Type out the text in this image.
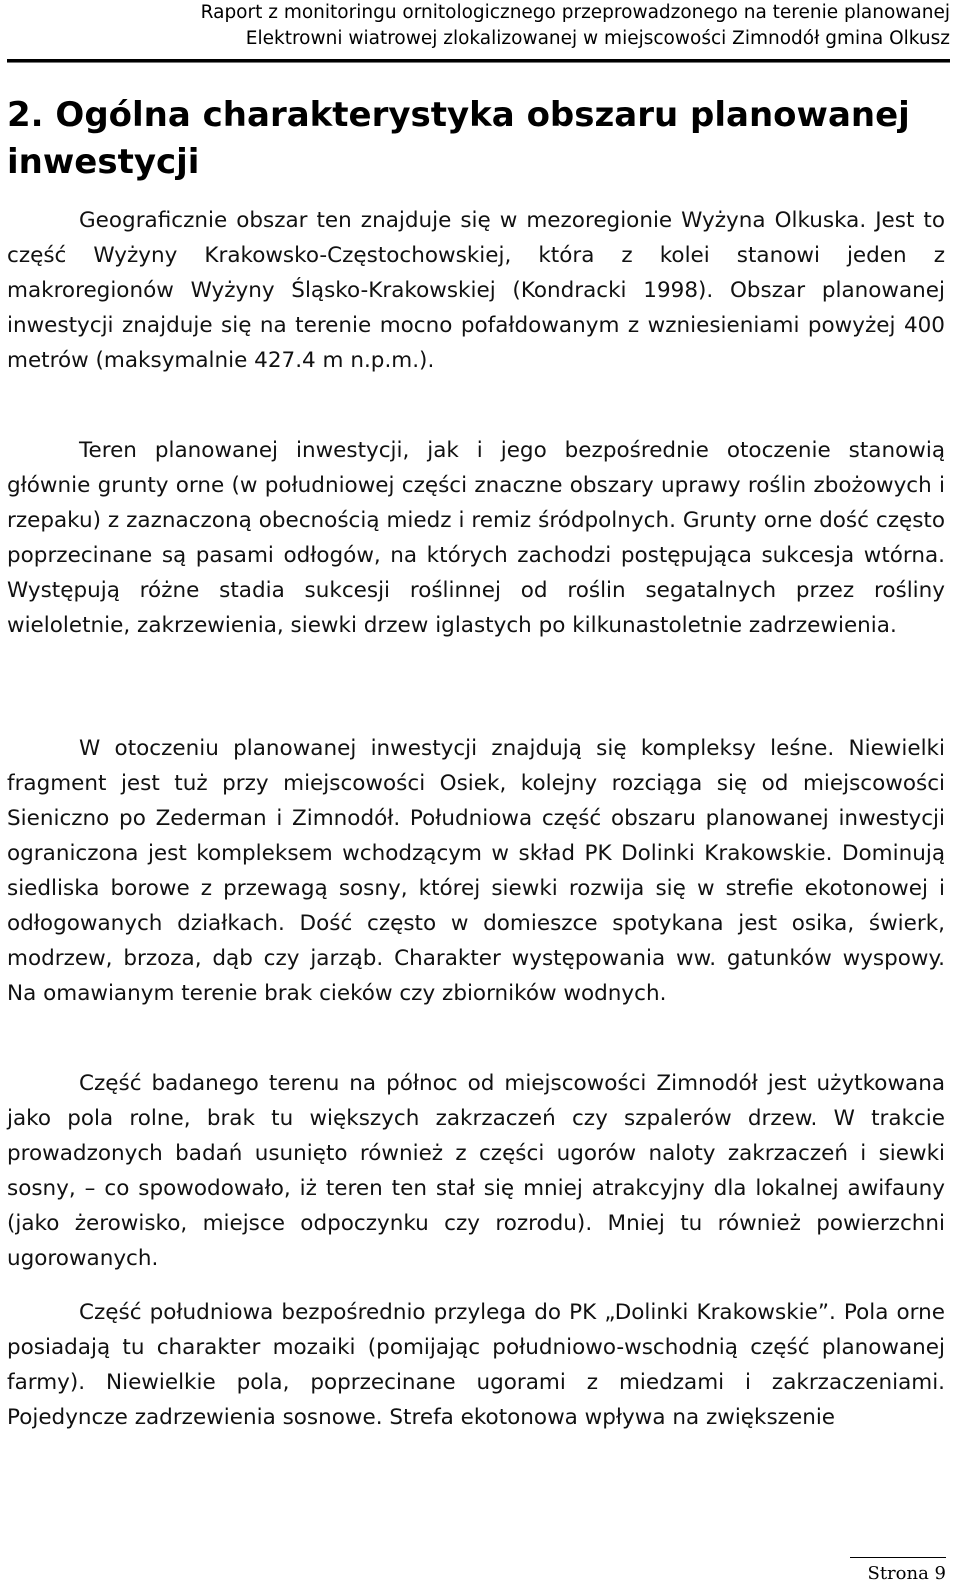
Raport z monitoringu ornitologicznego przeprowadzonego na terenie planowanej
Elektrowni wiatrowej zlokalizowanej w miejscowości Zimnodół gmina Olkusz
2. Ogólna charakterystyka obszaru planowanej inwestycji

Geograficznie obszar ten znajduje się w mezoregionie Wyżyna Olkuska. Jest to część Wyżyny Krakowsko-Częstochowskiej, która z kolei stanowi jeden z makroregionów Wyżyny Śląsko-Krakowskiej (Kondracki 1998). Obszar planowanej inwestycji znajduje się na terenie mocno pofałdowanym z wzniesieniami powyżej 400 metrów (maksymalnie 427.4 m n.p.m.).

Teren planowanej inwestycji, jak i jego bezpośrednie otoczenie stanowią głównie grunty orne (w południowej części znaczne obszary uprawy roślin zbożowych i rzepaku) z zaznaczoną obecnością miedz i remiz śródpolnych. Grunty orne dość często poprzecinane są pasami odłogów, na których zachodzi postępująca sukcesja wtórna. Występują różne stadia sukcesji roślinnej od roślin segatalnych przez rośliny wieloletnie, zakrzewienia, siewki drzew iglastych po kilkunastoletnie zadrzewienia.

W otoczeniu planowanej inwestycji znajdują się kompleksy leśne. Niewielki fragment jest tuż przy miejscowości Osiek, kolejny rozciąga się od miejscowości Sieniczno po Zederman i Zimnodół. Południowa część obszaru planowanej inwestycji ograniczona jest kompleksem wchodzącym w skład PK Dolinki Krakowskie. Dominują siedliska borowe z przewagą sosny, której siewki rozwija się w strefie ekotonowej i odłogowanych działkach. Dość często w domieszce spotykana jest osika, świerk, modrzew, brzoza, dąb czy jarząb. Charakter występowania ww. gatunków wyspowy. Na omawianym terenie brak cieków czy zbiorników wodnych.

Część badanego terenu na północ od miejscowości Zimnodół jest użytkowana jako pola rolne, brak tu większych zakrzaczeń czy szpalerów drzew. W trakcie prowadzonych badań usunięto również z części ugorów naloty zakrzaczeń i siewki sosny, – co spowodowało, iż teren ten stał się mniej atrakcyjny dla lokalnej awifauny (jako żerowisko, miejsce odpoczynku czy rozrodu). Mniej tu również powierzchni ugorowanych.

Część południowa bezpośrednio przylega do PK „Dolinki Krakowskie”. Pola orne posiadają tu charakter mozaiki (pomijając południowo-wschodnią część planowanej farmy). Niewielkie pola, poprzecinane ugorami z miedzami i zakrzaczeniami. Pojedyncze zadrzewienia sosnowe. Strefa ekotonowa wpływa na zwiększenie

Strona 9
